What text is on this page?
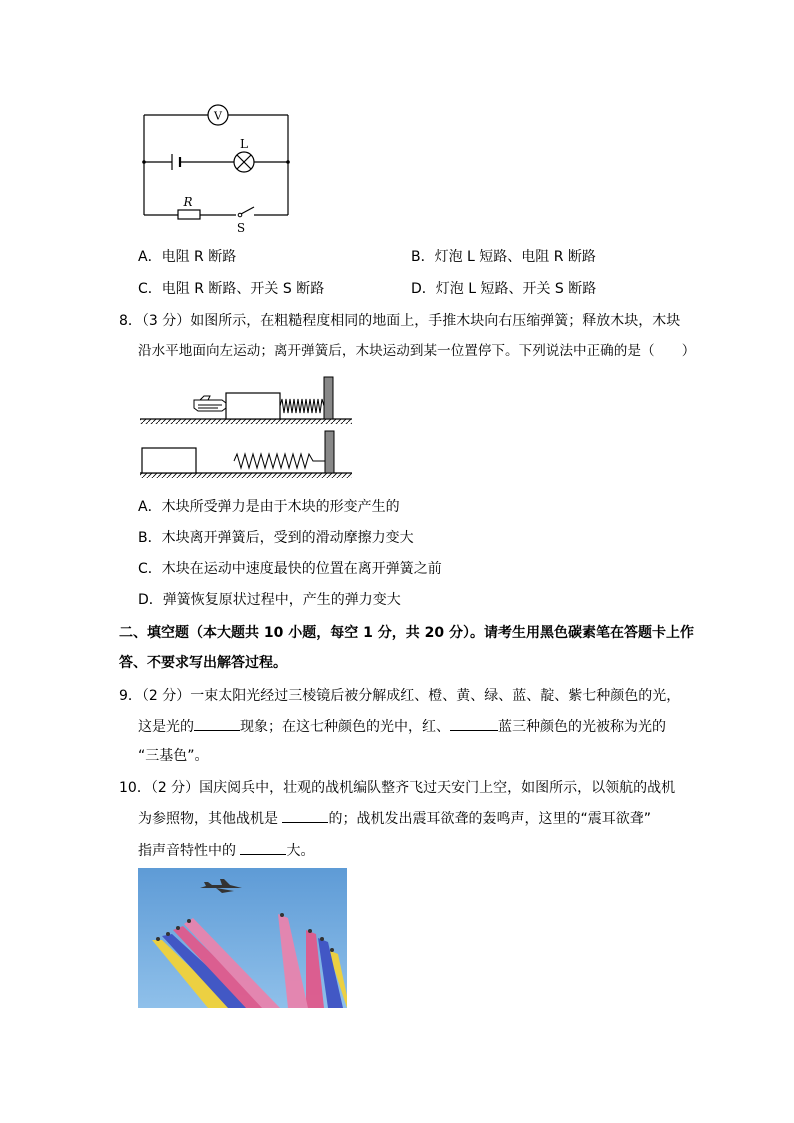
V
L
R
S
A．电阻 R 断路	B．灯泡 L 短路、电阻 R 断路
C．电阻 R 断路、开关 S 断路	D．灯泡 L 短路、开关 S 断路
8．（3 分）如图所示，在粗糙程度相同的地面上，手推木块向右压缩弹簧；释放木块，木块
沿水平地面向左运动；离开弹簧后，木块运动到某一位置停下。下列说法中正确的是（　　）
A．木块所受弹力是由于木块的形变产生的
B．木块离开弹簧后，受到的滑动摩擦力变大
C．木块在运动中速度最快的位置在离开弹簧之前
D．弹簧恢复原状过程中，产生的弹力变大
二、填空题（本大题共 10 小题，每空 1 分，共 20 分）。请考生用黑色碳素笔在答题卡上作
答、不要求写出解答过程。
9．（2 分）一束太阳光经过三棱镜后被分解成红、橙、黄、绿、蓝、靛、紫七种颜色的光，
这是光的	现象；在这七种颜色的光中，红、	蓝三种颜色的光被称为光的
“三基色”。
10．（2 分）国庆阅兵中，壮观的战机编队整齐飞过天安门上空，如图所示，以领航的战机
为参照物，其他战机是	的；战机发出震耳欲聋的轰鸣声，这里的“震耳欲聋”
指声音特性中的	大。
